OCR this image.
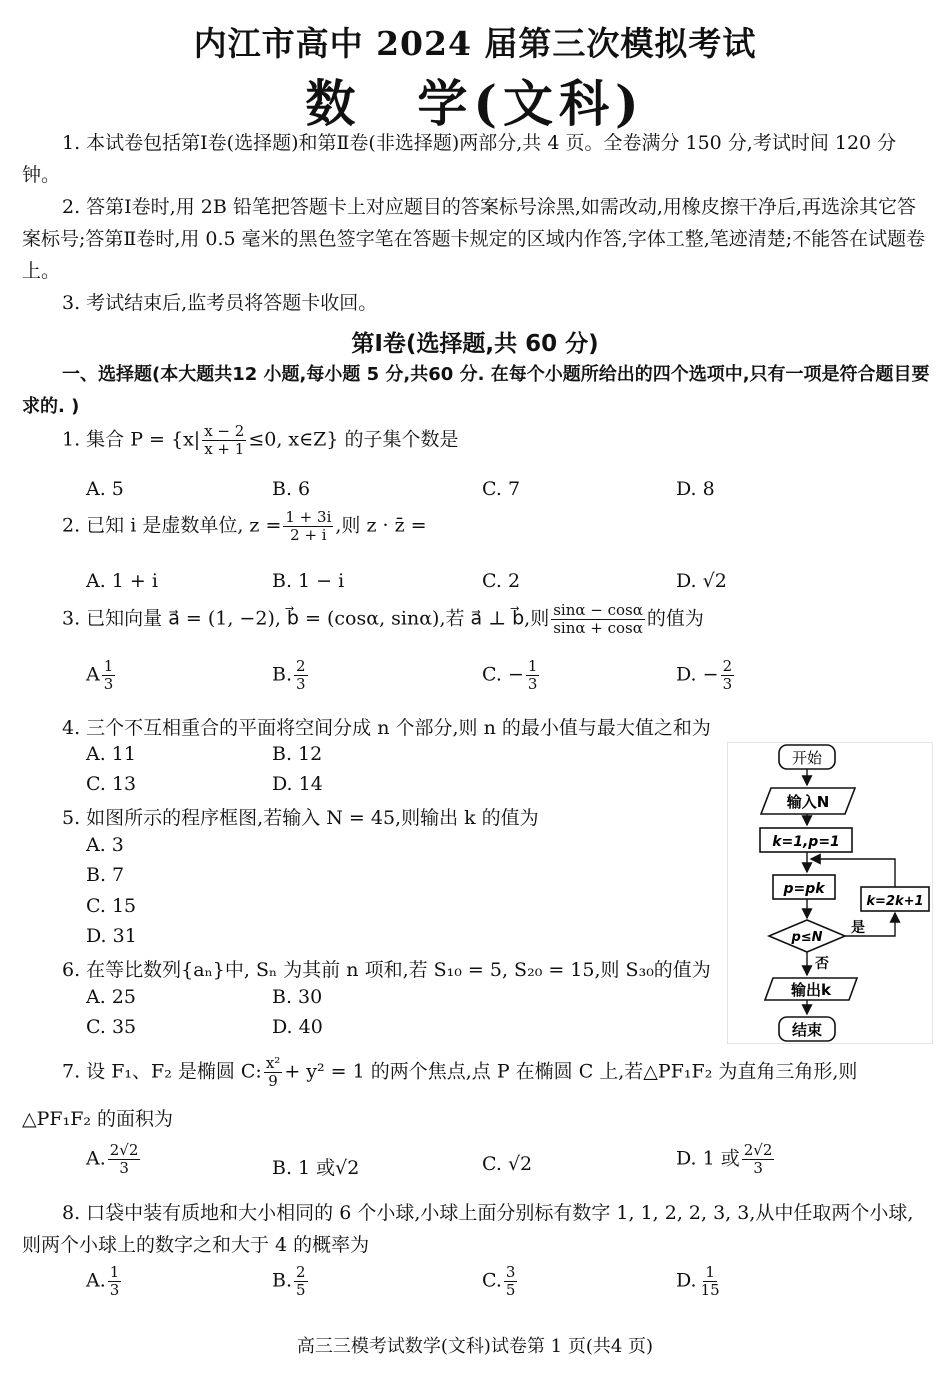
内江市高中 2024 届第三次模拟考试
数　学(文科)
1. 本试卷包括第Ⅰ卷(选择题)和第Ⅱ卷(非选择题)两部分,共 4 页。全卷满分 150 分,考试时间 120 分钟。
2. 答第Ⅰ卷时,用 2B 铅笔把答题卡上对应题目的答案标号涂黑,如需改动,用橡皮擦干净后,再选涂其它答案标号;答第Ⅱ卷时,用 0.5 毫米的黑色签字笔在答题卡规定的区域内作答,字体工整,笔迹清楚;不能答在试题卷上。
3. 考试结束后,监考员将答题卡收回。
第Ⅰ卷(选择题,共 60 分)
一、选择题(本大题共12 小题,每小题 5 分,共60 分. 在每个小题所给出的四个选项中,只有一项是符合题目要求的. )
1. 集合 $P = \{x| \frac{x - 2}{x + 1} \le 0$, x∈Z} 的子集个数是
A. 5	B. 6	C. 7	D. 8
2. 已知 i 是虚数单位, $z = \frac{1 + 3i}{2 + i}$ ,则 z · z̄ =
A. 1 + i	B. 1 − i	C. 2	D. √2
3. 已知向量 a⃗ = (1, −2), b⃗ = (cosα, sinα),若 a⃗ ⊥ b⃗,则 $\frac{\sin\alpha - \cos\alpha}{\sin\alpha + \cos\alpha}$ 的值为
A $\frac{1}{3}$	B. $\frac{2}{3}$	C. − $\frac{1}{3}$	D. − $\frac{2}{3}$
4. 三个不互相重合的平面将空间分成 n 个部分,则 n 的最小值与最大值之和为
A. 11	B. 12
C. 13	D. 14
5. 如图所示的程序框图,若输入 N = 45,则输出 k 的值为
A. 3
B. 7
C. 15
D. 31
6. 在等比数列{aₙ}中, Sₙ 为其前 n 项和,若 S₁₀ = 5, S₂₀ = 15,则 S₃₀的值为
A. 25	B. 30
C. 35	D. 40
开始
输入N
k=1,p=1
p=pk
p≤N
是
k=2k+1
否
输出k
结束
7. 设 F₁、F₂ 是椭圆 C: $\frac{\text{x²}}{9} + y^2 = 1$ 的两个焦点,点 P 在椭圆 C 上,若△PF₁F₂ 为直角三角形,则
△PF₁F₂ 的面积为
A. $\frac{2√2}{3}$	B. 1 或√2	C. √2	D. 1 或 $\frac{2√2}{3}$
8. 口袋中装有质地和大小相同的 6 个小球,小球上面分别标有数字 1, 1, 2, 2, 3, 3,从中任取两个小球,则两个小球上的数字之和大于 4 的概率为
A. $\frac{1}{3}$	B. $\frac{2}{5}$	C. $\frac{3}{5}$	D. $\frac{1}{15}$
高三三模考试数学(文科)试卷第 1 页(共4 页)
